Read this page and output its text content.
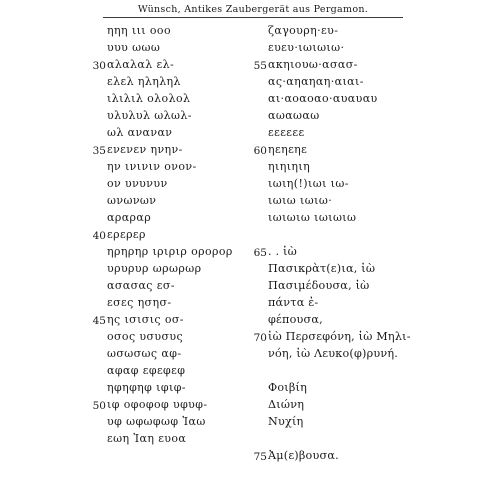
Wünsch, Antikes Zaubergerät aus Pergamon.
ηηη ιιι οοο
υυυ ωωω
30 αλαλαλ ελ-
ελελ ηληληλ
ιλιλιλ ολολολ
υλυλυλ ωλωλ-
ωλ αναναν
35 ενενεν ηνην-
ην ινινιν ονον-
ον υνυνυν
ωνωνων
αραραρ
40 ερερερ
ηρηρηρ ιριριρ ορορορ
υρυρυρ ωρωρωρ
ασασας εσ-
εσες ησησ-
45 ης ισισις οσ-
οσος υσυσυς
ωσωσως αφ-
αφαφ εφεφεφ
ηφηφηφ ιφιφ-
50 ιφ οφοφοφ υφυφ-
υφ ωφωφωφ Ἰαω
εωη Ἰαη ευοα
ζαγουρη·ευ-
ευευ·ιωιωιω·
55 ακηιουω·ασασ-
ας·αηαηαη·αιαι-
αι·αοαοαο·αυαυαυ
αωαωαω
εεεεεε
60 ηεηεηε
ηιηιηιη
ιωιη(!)ιωι ιω-
ιωιω ιωιω·
ιωιωιω ιωιωιω
65 . . ἰὼ
Πασικρὰτ(ε)ια, ἰὼ
Πασιμέδουσα, ἰὼ
πάντα ἐ-
φέπουσα,
70 ἰὼ Περσεφόνη, ἰὼ Μηλι-
νόη, ἰὼ Λευκο(φ)ρυνή.
Φοιβίη
Διώνη
Νυχίη
75 Ἀμ(ε)βουσα.
